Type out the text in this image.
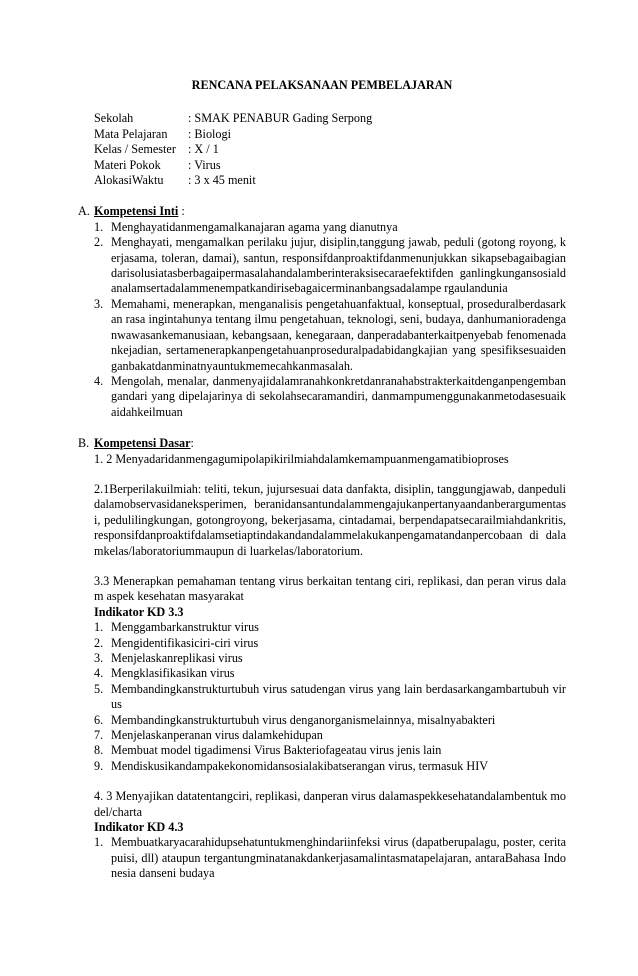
RENCANA PELAKSANAAN PEMBELAJARAN
Sekolah	: SMAK PENABUR Gading Serpong
Mata Pelajaran	: Biologi
Kelas / Semester	: X / 1
Materi Pokok	: Virus
AlokasiWaktu	: 3 x 45 menit
A. Kompetensi Inti :
1. Menghayatidanmengamalkanajaran agama yang dianutnya
2. Menghayati, mengamalkan perilaku jujur, disiplin,tanggung jawab, peduli (gotong royong, kerjasama, toleran, damai), santun, responsifdanproaktifdanmenunjukkan sikapsebagaibagiandarisolusiatasberbagaipermasalahandalamberinteraksisecaraefektifden ganlingkungansosialdanalamsertadalammenempatkandirisebagaicerminanbangsadalampe rgaulandunia
3. Memahami, menerapkan, menganalisis pengetahuanfaktual, konseptual, proseduralberdasarkan rasa ingintahunya tentang ilmu pengetahuan, teknologi, seni, budaya, danhumanioradenganwawasankemanusiaan, kebangsaan, kenegaraan, danperadabanterkaitpenyebab fenomenadankejadian, sertamenerapkanpengetahuanproseduralpadabidangkajian yang spesifiksesuaidenganbakatdanminatnyauntukmemecahkanmasalah.
4. Mengolah, menalar, danmenyajidalamranahkonkretdanranahabstrakterkaitdenganpengembangandari yang dipelajarinya di sekolahsecaramandiri, danmampumenggunakanmetodasesuaikaidahkeilmuan
B. Kompetensi Dasar:
1. 2 Menyadaridanmengagumipolapikirilmiahdalamkemampuanmengamatibioproses
2.1Berperilakuilmiah: teliti, tekun, jujursesuai data danfakta, disiplin, tanggungjawab, danpedulidalamobservasidaneksperimen, beranidansantundalammengajukanpertanyaandanberargumentasi, pedulilingkungan, gotongroyong, bekerjasama, cintadamai, berpendapatsecarailmiahdankritis, responsifdanproaktifdalamsetiaptindakandandalammelakukanpengamatandanpercobaan di dalamkelas/laboratoriummaupun di luarkelas/laboratorium.
3.3 Menerapkan pemahaman tentang virus berkaitan tentang ciri, replikasi, dan peran virus dalam aspek kesehatan masyarakat
Indikator KD 3.3
1. Menggambarkanstruktur virus
2. Mengidentifikasiciri-ciri virus
3. Menjelaskanreplikasi virus
4. Mengklasifikasikan virus
5. Membandingkanstrukturtubuh virus satudengan virus yang lain berdasarkangambartubuh virus
6. Membandingkanstrukturtubuh virus denganorganismelainnya, misalnyabakteri
7. Menjelaskanperanan virus dalamkehidupan
8. Membuat model tigadimensi Virus Bakteriofageatau virus jenis lain
9. Mendiskusikandampakekonomidansosialakibatserangan virus, termasuk HIV
4. 3 Menyajikan datatentangciri, replikasi, danperan virus dalamaspekkesehatandalambentuk model/charta
Indikator KD 4.3
1. Membuatkaryacarahidupsehatuntukmenghindariinfeksi virus (dapatberupalagu, poster, ceritapuisi, dll) ataupun tergantungminatanakdankerjasamalintasmatapelajaran, antaraBahasa Indonesia danseni budaya
